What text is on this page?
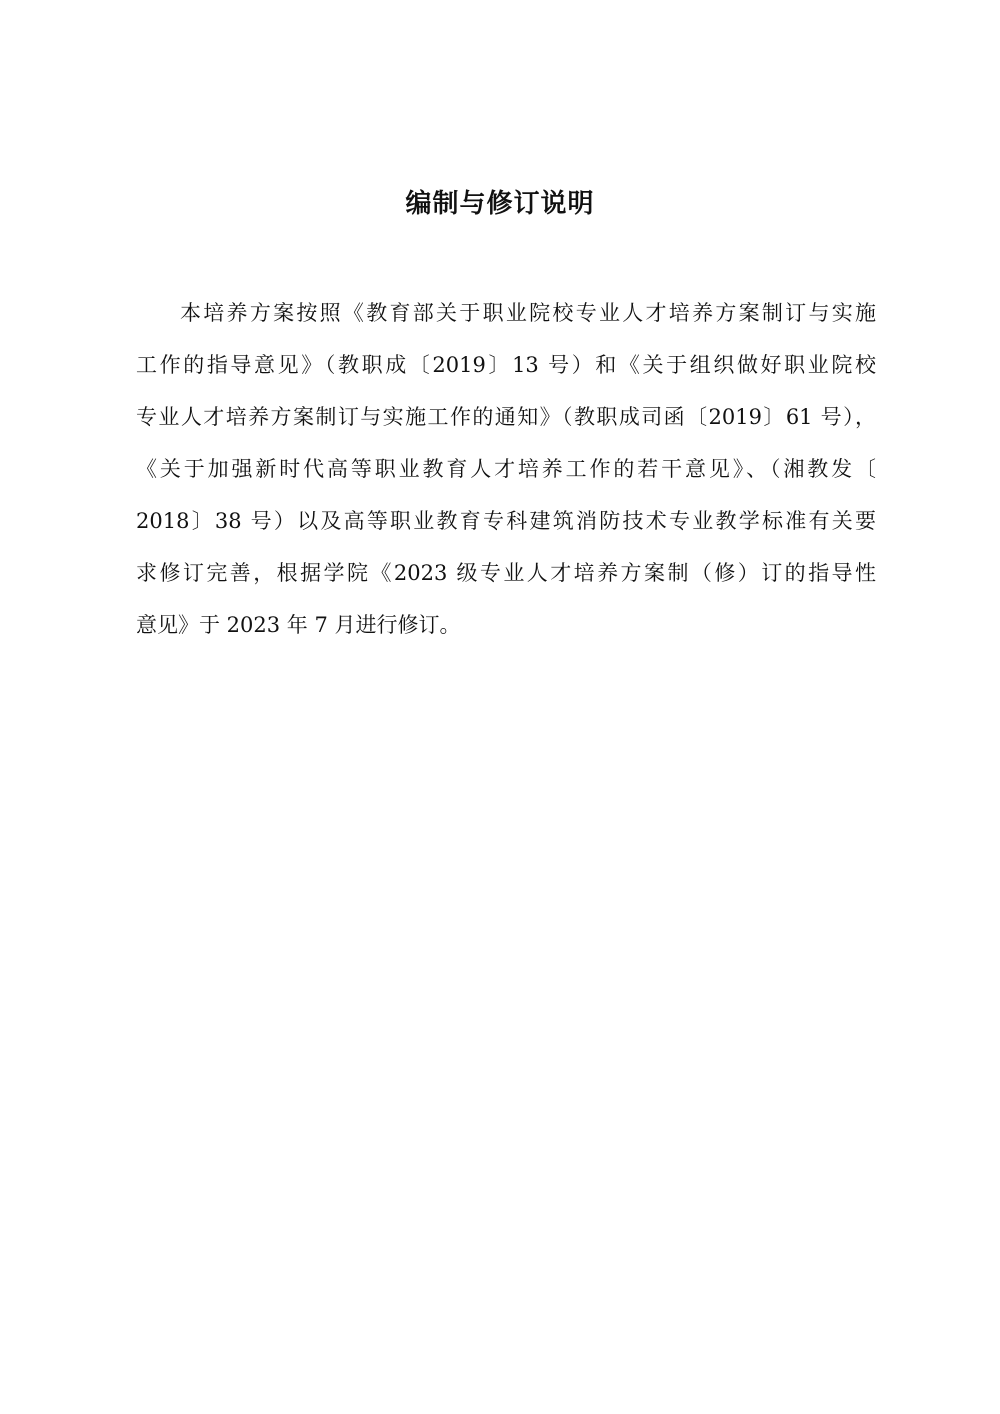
编制与修订说明
本培养方案按照《教育部关于职业院校专业人才培养方案制订与实施
工作的指导意见》（教职成〔2019〕13 号）和《关于组织做好职业院校
专业人才培养方案制订与实施工作的通知》（教职成司函〔2019〕61 号），
《关于加强新时代高等职业教育人才培养工作的若干意见》、（湘教发〔
2018〕38 号）以及高等职业教育专科建筑消防技术专业教学标准有关要
求修订完善，根据学院《2023 级专业人才培养方案制（修）订的指导性
意见》于 2023 年 7 月进行修订。
